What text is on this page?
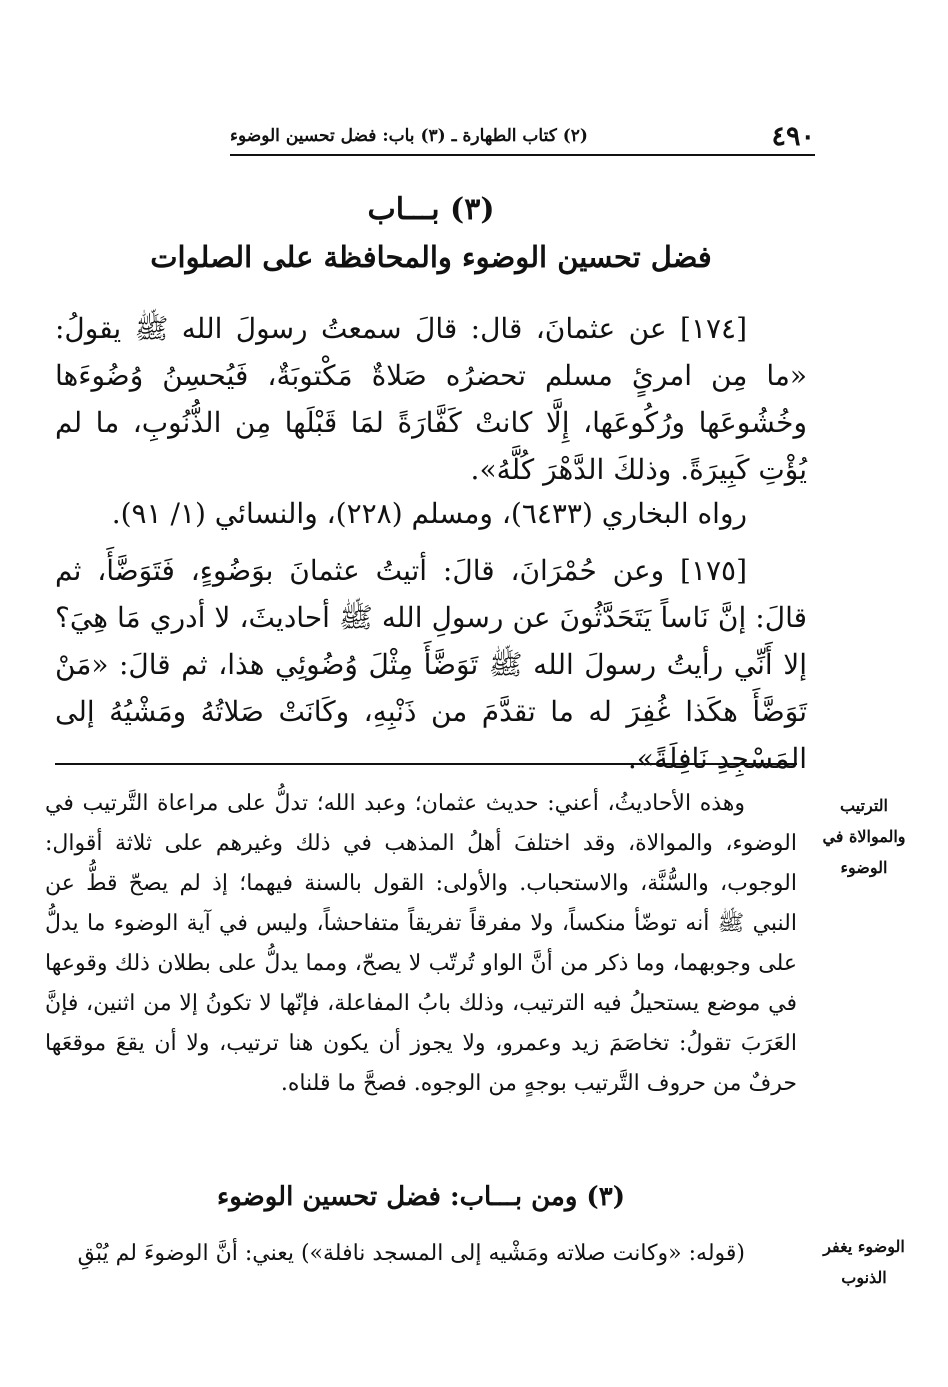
٤٩٠
(٢) كتاب الطهارة ـ (٣) باب: فضل تحسين الوضوء
(٣) بـــاب
فضل تحسين الوضوء والمحافظة على الصلوات

[١٧٤] عن عثمانَ، قال: قالَ سمعتُ رسولَ الله ﷺ يقولُ: «ما مِن امرئٍ مسلم تحضرُه صَلاةٌ مَكْتوبَةٌ، فَيُحسِنُ وُضُوءَها وخُشُوعَها ورُكُوعَها، إِلَّا كانتْ كَفَّارَةً لمَا قَبْلَها مِن الذُّنُوبِ، ما لم يُؤْتِ كَبِيرَةً. وذلكَ الدَّهْرَ كُلَّهُ».

رواه البخاري (٦٤٣٣)، ومسلم (٢٢٨)، والنسائي (١/ ٩١).

[١٧٥] وعن حُمْرَانَ، قالَ: أتيتُ عثمانَ بوَضُوءٍ، فَتَوَضَّأَ، ثم قالَ: إنَّ نَاساً يَتَحَدَّثُونَ عن رسولِ الله ﷺ أحاديثَ، لا أدري مَا هِيَ؟ إلا أَنِّي رأيتُ رسولَ الله ﷺ تَوَضَّأَ مِثْلَ وُضُوئِي هذا، ثم قالَ: «مَنْ تَوَضَّأَ هكَذا غُفِرَ له ما تقدَّمَ من ذَنْبِهِ، وكَانَتْ صَلاتُهُ ومَشْيُهُ إلى المَسْجِدِ نَافِلَةً».

الترتيب والموالاة في الوضوء

وهذه الأحاديثُ، أعني: حديث عثمان؛ وعبد الله؛ تدلُّ على مراعاة التَّرتيب في الوضوء، والموالاة، وقد اختلفَ أهلُ المذهب في ذلك وغيرهم على ثلاثة أقوال: الوجوب، والسُّنَّة، والاستحباب. والأولى: القول بالسنة فيهما؛ إذ لم يصحّ قطُّ عن النبي ﷺ أنه توضّأ منكساً، ولا مفرقاً تفريقاً متفاحشاً، وليس في آية الوضوء ما يدلُّ على وجوبهما، وما ذكر من أنَّ الواو تُرتّب لا يصحّ، ومما يدلُّ على بطلان ذلك وقوعها في موضع يستحيلُ فيه الترتيب، وذلك بابُ المفاعلة، فإنّها لا تكونُ إلا من اثنين، فإنَّ العَرَبَ تقولُ: تخاصَمَ زيد وعمرو، ولا يجوز أن يكون هنا ترتيب، ولا أن يقعَ موقعَها حرفٌ من حروف التَّرتيب بوجهٍ من الوجوه. فصحَّ ما قلناه.

(٣) ومن بـــاب: فضل تحسين الوضوء
الوضوء يغفر الذنوب

(قوله: «وكانت صلاته ومَشْيه إلى المسجد نافلة») يعني: أنَّ الوضوءَ لم يُبْقِ
